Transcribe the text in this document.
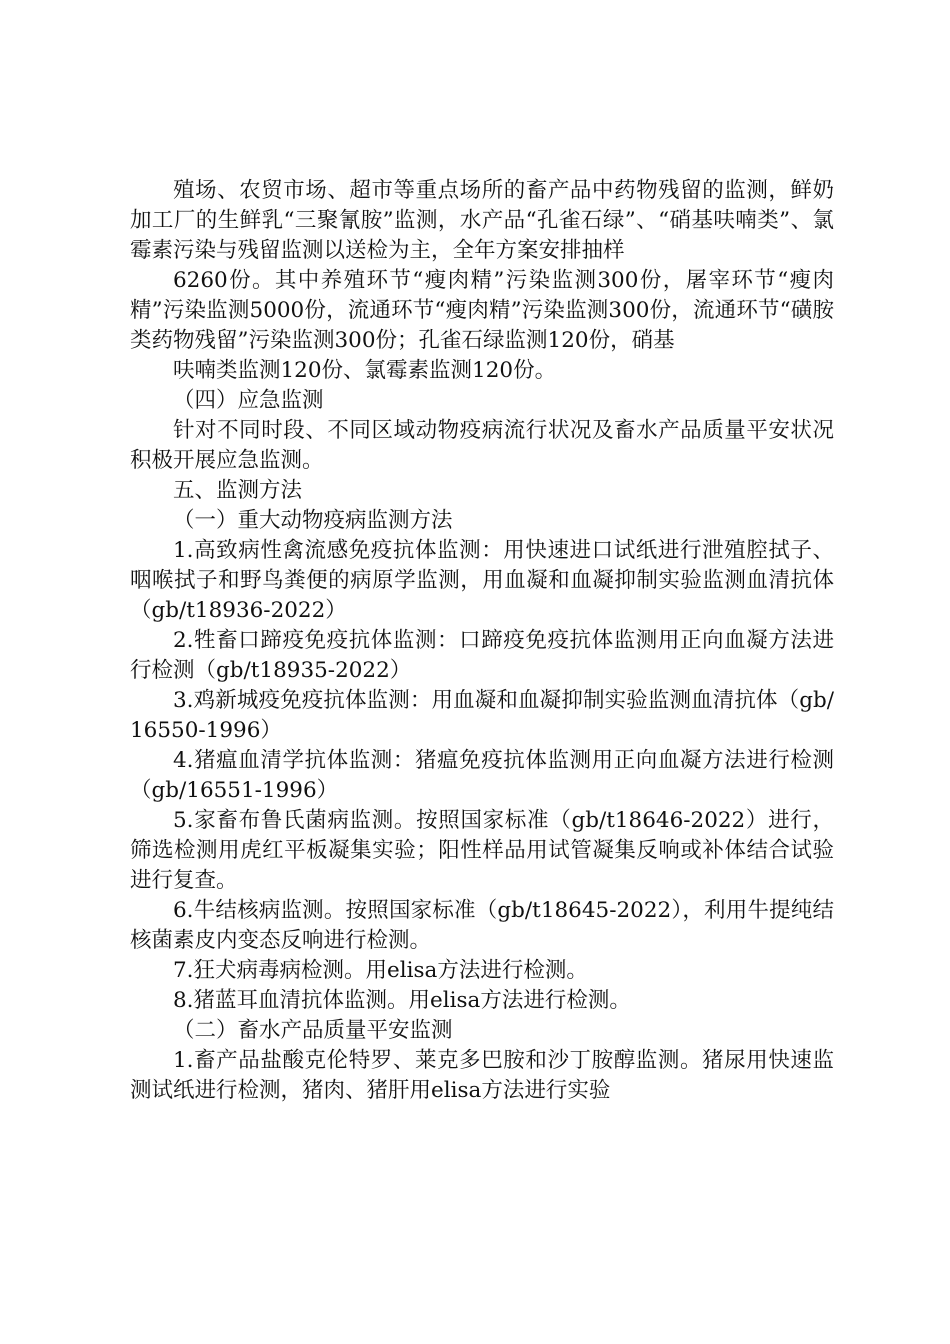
殖场、农贸市场、超市等重点场所的畜产品中药物残留的监测，鲜奶加工厂的生鲜乳“三聚氰胺”监测，水产品“孔雀石绿”、“硝基呋喃类”、氯霉素污染与残留监测以送检为主，全年方案安排抽样

6260份。其中养殖环节“瘦肉精”污染监测300份，屠宰环节“瘦肉精”污染监测5000份，流通环节“瘦肉精”污染监测300份，流通环节“磺胺类药物残留”污染监测300份；孔雀石绿监测120份，硝基

呋喃类监测120份、氯霉素监测120份。

（四）应急监测

针对不同时段、不同区域动物疫病流行状况及畜水产品质量平安状况积极开展应急监测。

五、监测方法

（一）重大动物疫病监测方法

1.高致病性禽流感免疫抗体监测：用快速进口试纸进行泄殖腔拭子、咽喉拭子和野鸟粪便的病原学监测，用血凝和血凝抑制实验监测血清抗体（gb/t18936-2022）

2.牲畜口蹄疫免疫抗体监测：口蹄疫免疫抗体监测用正向血凝方法进行检测（gb/t18935-2022）

3.鸡新城疫免疫抗体监测：用血凝和血凝抑制实验监测血清抗体（gb/16550-1996）

4.猪瘟血清学抗体监测：猪瘟免疫抗体监测用正向血凝方法进行检测（gb/16551-1996）

5.家畜布鲁氏菌病监测。按照国家标准（gb/t18646-2022）进行，筛选检测用虎红平板凝集实验；阳性样品用试管凝集反响或补体结合试验进行复查。

6.牛结核病监测。按照国家标准（gb/t18645-2022），利用牛提纯结核菌素皮内变态反响进行检测。

7.狂犬病毒病检测。用elisa方法进行检测。

8.猪蓝耳血清抗体监测。用elisa方法进行检测。

（二）畜水产品质量平安监测

1.畜产品盐酸克伦特罗、莱克多巴胺和沙丁胺醇监测。猪尿用快速监测试纸进行检测，猪肉、猪肝用elisa方法进行实验
